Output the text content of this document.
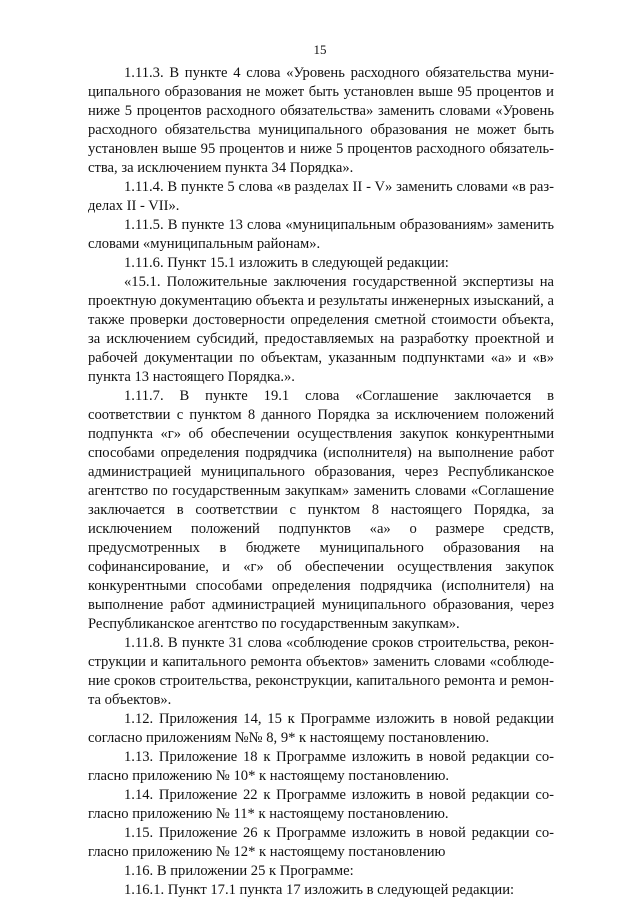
15

1.11.3. В пункте 4 слова «Уровень расходного обязательства муниципального образования не может быть установлен выше 95 процентов и ниже 5 процентов расходного обязательства» заменить словами «Уровень расходного обязательства муниципального образования не может быть установлен выше 95 процентов и ниже 5 процентов расходного обязательства, за исключением пункта 34 Порядка».

1.11.4. В пункте 5 слова «в разделах II - V» заменить словами «в разделах II - VII».

1.11.5. В пункте 13 слова «муниципальным образованиям» заменить словами «муниципальным районам».

1.11.6. Пункт 15.1 изложить в следующей редакции:

«15.1. Положительные заключения государственной экспертизы на проектную документацию объекта и результаты инженерных изысканий, а также проверки достоверности определения сметной стоимости объекта, за исключением субсидий, предоставляемых на разработку проектной и рабочей документации по объектам, указанным подпунктами «а» и «в» пункта 13 настоящего Порядка.».

1.11.7. В пункте 19.1 слова «Соглашение заключается в соответствии с пунктом 8 данного Порядка за исключением положений подпункта «г» об обеспечении осуществления закупок конкурентными способами определения подрядчика (исполнителя) на выполнение работ администрацией муниципального образования, через Республиканское агентство по государственным закупкам» заменить словами «Соглашение заключается в соответствии с пунктом 8 настоящего Порядка, за исключением положений подпунктов «а» о размере средств, предусмотренных в бюджете муниципального образования на софинансирование, и «г» об обеспечении осуществления закупок конкурентными способами определения подрядчика (исполнителя) на выполнение работ администрацией муниципального образования, через Республиканское агентство по государственным закупкам».

1.11.8. В пункте 31 слова «соблюдение сроков строительства, реконструкции и капитального ремонта объектов» заменить словами «соблюдение сроков строительства, реконструкции, капитального ремонта и ремонта объектов».

1.12. Приложения 14, 15 к Программе изложить в новой редакции согласно приложениям №№ 8, 9* к настоящему постановлению.

1.13. Приложение 18 к Программе изложить в новой редакции согласно приложению № 10* к настоящему постановлению.

1.14. Приложение 22 к Программе изложить в новой редакции согласно приложению № 11* к настоящему постановлению.

1.15. Приложение 26 к Программе изложить в новой редакции согласно приложению № 12* к настоящему постановлению

1.16. В приложении 25 к Программе:

1.16.1. Пункт 17.1 пункта 17 изложить в следующей редакции:
